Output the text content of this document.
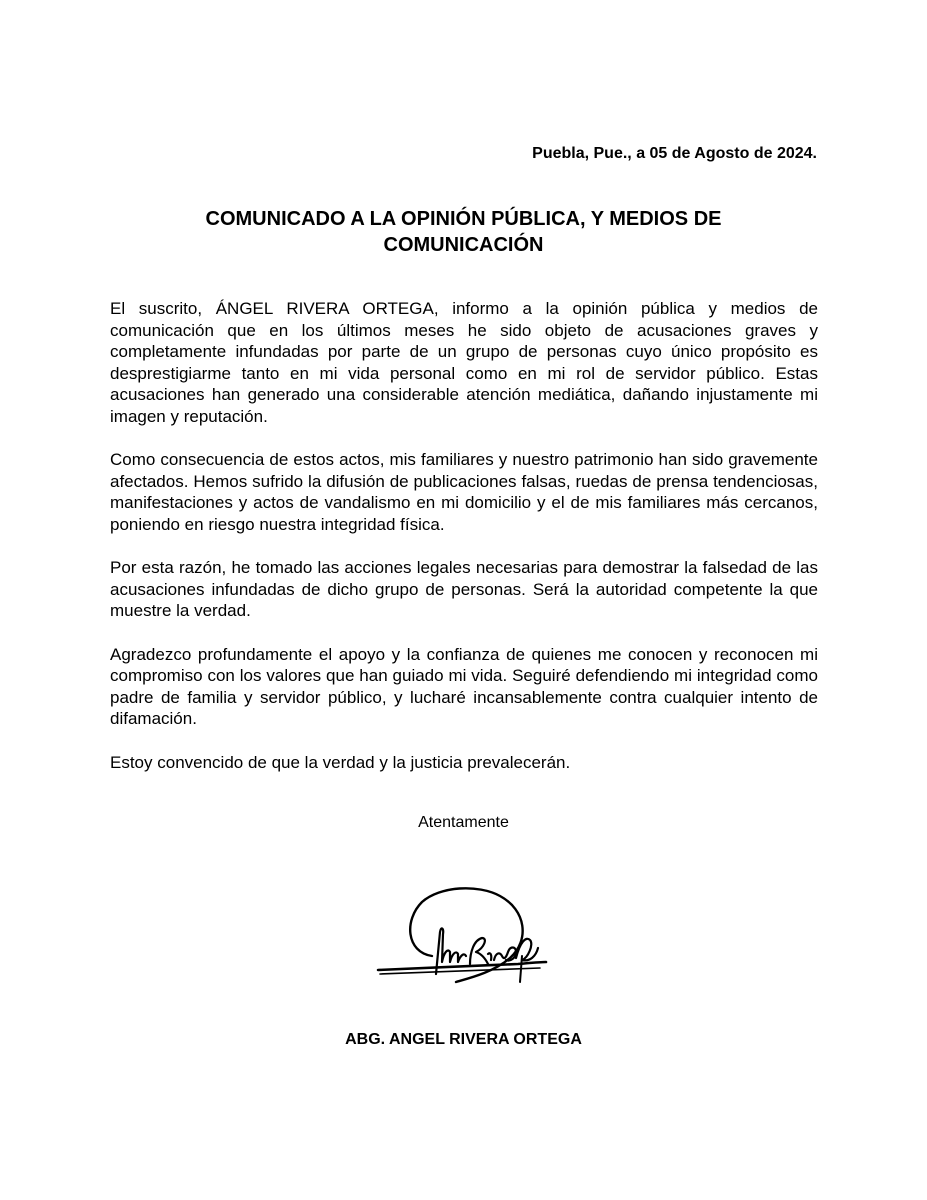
Puebla, Pue., a 05 de Agosto de 2024.
COMUNICADO A LA OPINIÓN PÚBLICA, Y MEDIOS DE
COMUNICACIÓN

El suscrito, ÁNGEL RIVERA ORTEGA, informo a la opinión pública y medios de comunicación que en los últimos meses he sido objeto de acusaciones graves y completamente infundadas por parte de un grupo de personas cuyo único propósito es desprestigiarme tanto en mi vida personal como en mi rol de servidor público. Estas acusaciones han generado una considerable atención mediática, dañando injustamente mi imagen y reputación.

Como consecuencia de estos actos, mis familiares y nuestro patrimonio han sido gravemente afectados. Hemos sufrido la difusión de publicaciones falsas, ruedas de prensa tendenciosas, manifestaciones y actos de vandalismo en mi domicilio y el de mis familiares más cercanos, poniendo en riesgo nuestra integridad física.

Por esta razón, he tomado las acciones legales necesarias para demostrar la falsedad de las acusaciones infundadas de dicho grupo de personas. Será la autoridad competente la que muestre la verdad.

Agradezco profundamente el apoyo y la confianza de quienes me conocen y reconocen mi compromiso con los valores que han guiado mi vida. Seguiré defendiendo mi integridad como padre de familia y servidor público, y lucharé incansablemente contra cualquier intento de difamación.

Estoy convencido de que la verdad y la justicia prevalecerán.

Atentamente
ABG. ANGEL RIVERA ORTEGA
